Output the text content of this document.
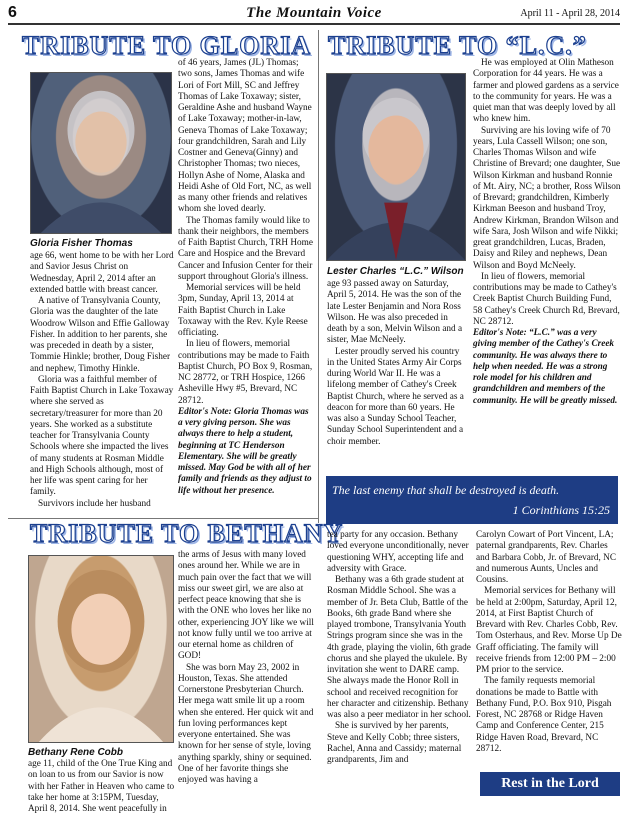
6	The Mountain Voice	April 11 - April 28, 2014
TRIBUTE TO GLORIA
Gloria Fisher Thomas

age 66, went home to be with her Lord and Savior Jesus Christ on Wednesday, April 2, 2014 after an extended battle with breast cancer.

A native of Transylvania County, Gloria was the daughter of the late Woodrow Wilson and Effie Galloway Fisher. In addition to her parents, she was preceded in death by a sister, Tommie Hinkle; brother, Doug Fisher and nephew, Timothy Hinkle.

Gloria was a faithful member of Faith Baptist Church in Lake Toxaway where she served as secretary/treasurer for more than 20 years. She worked as a substitute teacher for Transylvania County Schools where she impacted the lives of many students at Rosman Middle and High Schools although, most of her life was spent caring for her family.

Survivors include her husband

of 46 years, James (JL) Thomas; two sons, James Thomas and wife Lori of Fort Mill, SC and Jeffrey Thomas of Lake Toxaway; sister, Geraldine Ashe and husband Wayne of Lake Toxaway; mother-in-law, Geneva Thomas of Lake Toxaway; four grandchildren, Sarah and Lily Costner and Geneva(Ginny) and Christopher Thomas; two nieces, Hollyn Ashe of Nome, Alaska and Heidi Ashe of Old Fort, NC, as well as many other friends and relatives whom she loved dearly.

The Thomas family would like to thank their neighbors, the members of Faith Baptist Church, TRH Home Care and Hospice and the Brevard Cancer and Infusion Center for their support throughout Gloria's illness.

Memorial services will be held 3pm, Sunday, April 13, 2014 at Faith Baptist Church in Lake Toxaway with the Rev. Kyle Reese officiating.

In lieu of flowers, memorial contributions may be made to Faith Baptist Church, PO Box 9, Rosman, NC 28772, or TRH Hospice, 1266 Asheville Hwy #5, Brevard, NC 28712.

Editor's Note: Gloria Thomas was a very giving person. She was always there to help a student, beginning at TC Henderson Elementary. She will be greatly missed. May God be with all of her family and friends as they adjust to life without her presence.

TRIBUTE TO “L.C.”
Lester Charles “L.C.” Wilson

age 93 passed away on Saturday, April 5, 2014. He was the son of the late Lester Benjamin and Nora Ross Wilson. He was also preceded in death by a son, Melvin Wilson and a sister, Mae McNeely.

Lester proudly served his country in the United States Army Air Corps during World War II. He was a lifelong member of Cathey's Creek Baptist Church, where he served as a deacon for more than 60 years. He was also a Sunday School Teacher, Sunday School Superintendent and a choir member.

He was employed at Olin Matheson Corporation for 44 years. He was a farmer and plowed gardens as a service to the community for years. He was a quiet man that was deeply loved by all who knew him.

Surviving are his loving wife of 70 years, Lula Cassell Wilson; one son, Charles Thomas Wilson and wife Christine of Brevard; one daughter, Sue Wilson Kirkman and husband Ronnie of Mt. Airy, NC; a brother, Ross Wilson of Brevard; grandchildren, Kimberly Kirkman Beeson and husband Troy, Andrew Kirkman, Brandon Wilson and wife Sara, Josh Wilson and wife Nikki; great grandchildren, Lucas, Braden, Daisy and Riley and nephews, Dean Wilson and Boyd McNeely.

In lieu of flowers, memorial contributions may be made to Cathey's Creek Baptist Church Building Fund, 58 Cathey's Creek Church Rd, Brevard, NC 28712.

Editor's Note: “L.C.” was a very giving member of the Cathey's Creek community. He was always there to help when needed. He was a strong role model for his children and grandchildren and members of the community. He will be greatly missed.

The last enemy that shall be destroyed is death.
1 Corinthians 15:25
TRIBUTE TO BETHANY
Bethany Rene Cobb

age 11, child of the One True King and on loan to us from our Savior is now with her Father in Heaven who came to take her home at 3:15PM, Tuesday, April 8, 2014. She went peacefully in

the arms of Jesus with many loved ones around her. While we are in much pain over the fact that we will miss our sweet girl, we are also at perfect peace knowing that she is with the ONE who loves her like no other, experiencing JOY like we will not know fully until we too arrive at our eternal home as children of GOD!

She was born May 23, 2002 in Houston, Texas. She attended Cornerstone Presbyterian Church. Her mega watt smile lit up a room when she entered. Her quick wit and fun loving performances kept everyone entertained. She was known for her sense of style, loving anything sparkly, shiny or sequined. One of her favorite things she enjoyed was having a

tea party for any occasion. Bethany loved everyone unconditionally, never questioning WHY, accepting life and adversity with Grace.

Bethany was a 6th grade student at Rosman Middle School. She was a member of Jr. Beta Club, Battle of the Books, 6th grade Band where she played trombone, Transylvania Youth Strings program since she was in the 4th grade, playing the violin, 6th grade chorus and she played the ukulele. By invitation she went to DARE camp. She always made the Honor Roll in school and received recognition for her character and citizenship. Bethany was also a peer mediator in her school.

She is survived by her parents, Steve and Kelly Cobb; three sisters, Rachel, Anna and Cassidy; maternal grandparents, Jim and

Carolyn Cowart of Port Vincent, LA; paternal grandparents, Rev. Charles and Barbara Cobb, Jr. of Brevard, NC and numerous Aunts, Uncles and Cousins.

Memorial services for Bethany will be held at 2:00pm, Saturday, April 12, 2014, at First Baptist Church of Brevard with Rev. Charles Cobb, Rev. Tom Osterhaus, and Rev. Morse Up De Graff officiating. The family will receive friends from 12:00 PM – 2:00 PM prior to the service.

The family requests memorial donations be made to Battle with Bethany Fund, P.O. Box 910, Pisgah Forest, NC 28768 or Ridge Haven Camp and Conference Center, 215 Ridge Haven Road, Brevard, NC 28712.

Rest in the Lord
